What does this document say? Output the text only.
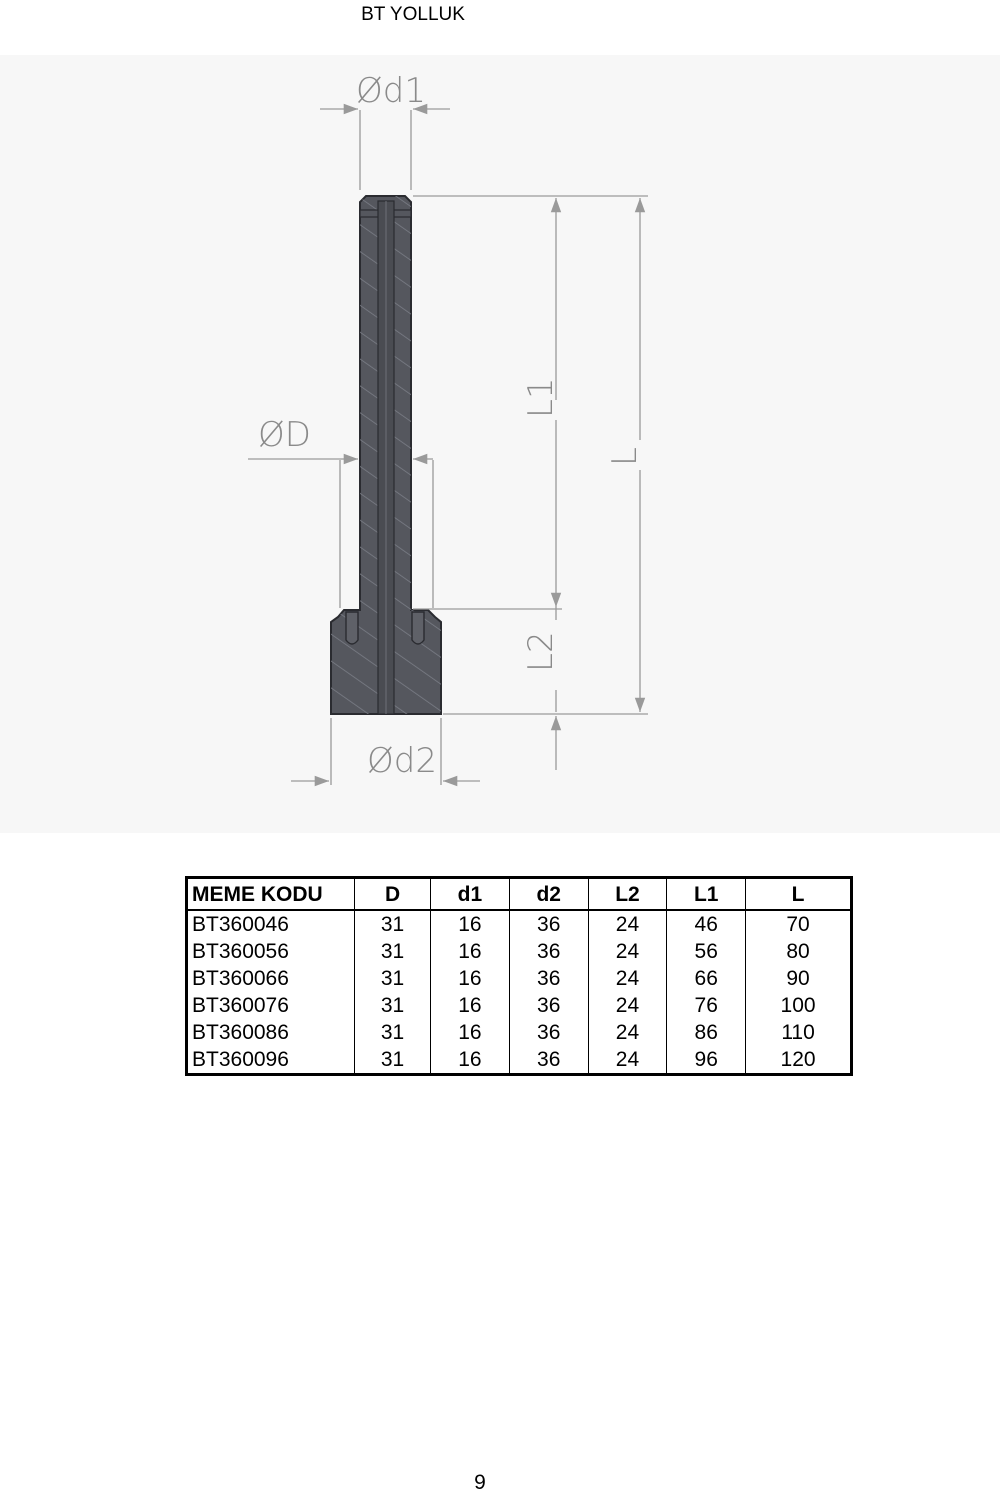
BT YOLLUK
Ød1
ØD
Ød2
L1
L2
L
MEME KODU	D	d1	d2	L2	L1	L
BT360046	31	16	36	24	46	70
BT360056	31	16	36	24	56	80
BT360066	31	16	36	24	66	90
BT360076	31	16	36	24	76	100
BT360086	31	16	36	24	86	110
BT360096	31	16	36	24	96	120
9
